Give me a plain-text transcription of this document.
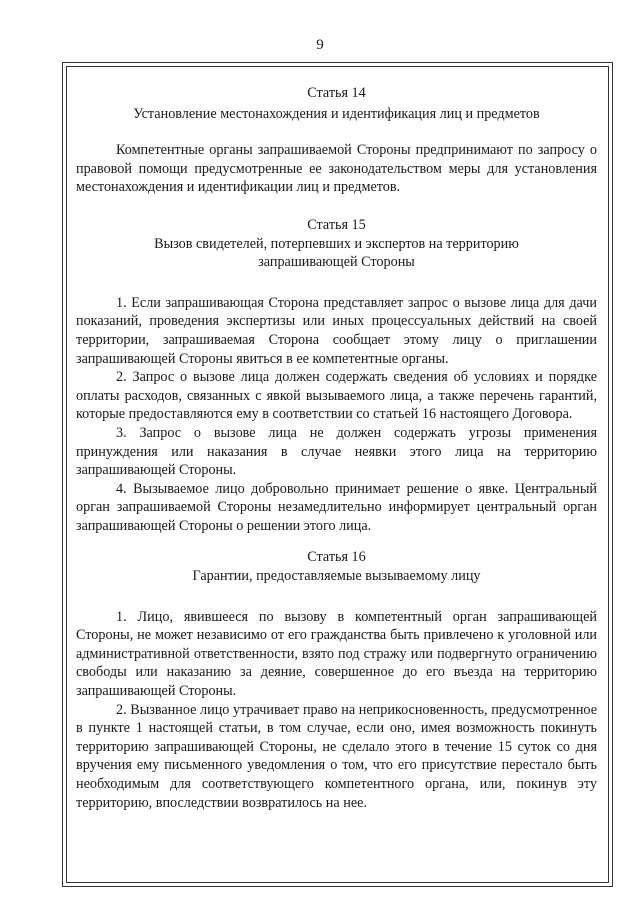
9

Статья 14

Установление местонахождения и идентификация лиц и предметов

Компетентные органы запрашиваемой Стороны предпринимают по запросу о правовой помощи предусмотренные ее законодательством меры для установления местонахождения и идентификации лиц и предметов.

Статья 15

Вызов свидетелей, потерпевших и экспертов на территорию

запрашивающей Стороны

1. Если запрашивающая Сторона представляет запрос о вызове лица для дачи показаний, проведения экспертизы или иных процессуальных действий на своей территории, запрашиваемая Сторона сообщает этому лицу о приглашении запрашивающей Стороны явиться в ее компетентные органы.

2. Запрос о вызове лица должен содержать сведения об условиях и порядке оплаты расходов, связанных с явкой вызываемого лица, а также перечень гарантий, которые предоставляются ему в соответствии со статьей 16 настоящего Договора.

3. Запрос о вызове лица не должен содержать угрозы применения принуждения или наказания в случае неявки этого лица на территорию запрашивающей Стороны.

4. Вызываемое лицо добровольно принимает решение о явке. Центральный орган запрашиваемой Стороны незамедлительно информирует центральный орган запрашивающей Стороны о решении этого лица.

Статья 16

Гарантии, предоставляемые вызываемому лицу

1. Лицо, явившееся по вызову в компетентный орган запрашивающей Стороны, не может независимо от его гражданства быть привлечено к уголовной или административной ответственности, взято под стражу или подвергнуто ограничению свободы или наказанию за деяние, совершенное до его въезда на территорию запрашивающей Стороны.

2. Вызванное лицо утрачивает право на неприкосновенность, предусмотренное в пункте 1 настоящей статьи, в том случае, если оно, имея возможность покинуть территорию запрашивающей Стороны, не сделало этого в течение 15 суток со дня вручения ему письменного уведомления о том, что его присутствие перестало быть необходимым для соответствующего компетентного органа, или, покинув эту территорию, впоследствии возвратилось на нее.
